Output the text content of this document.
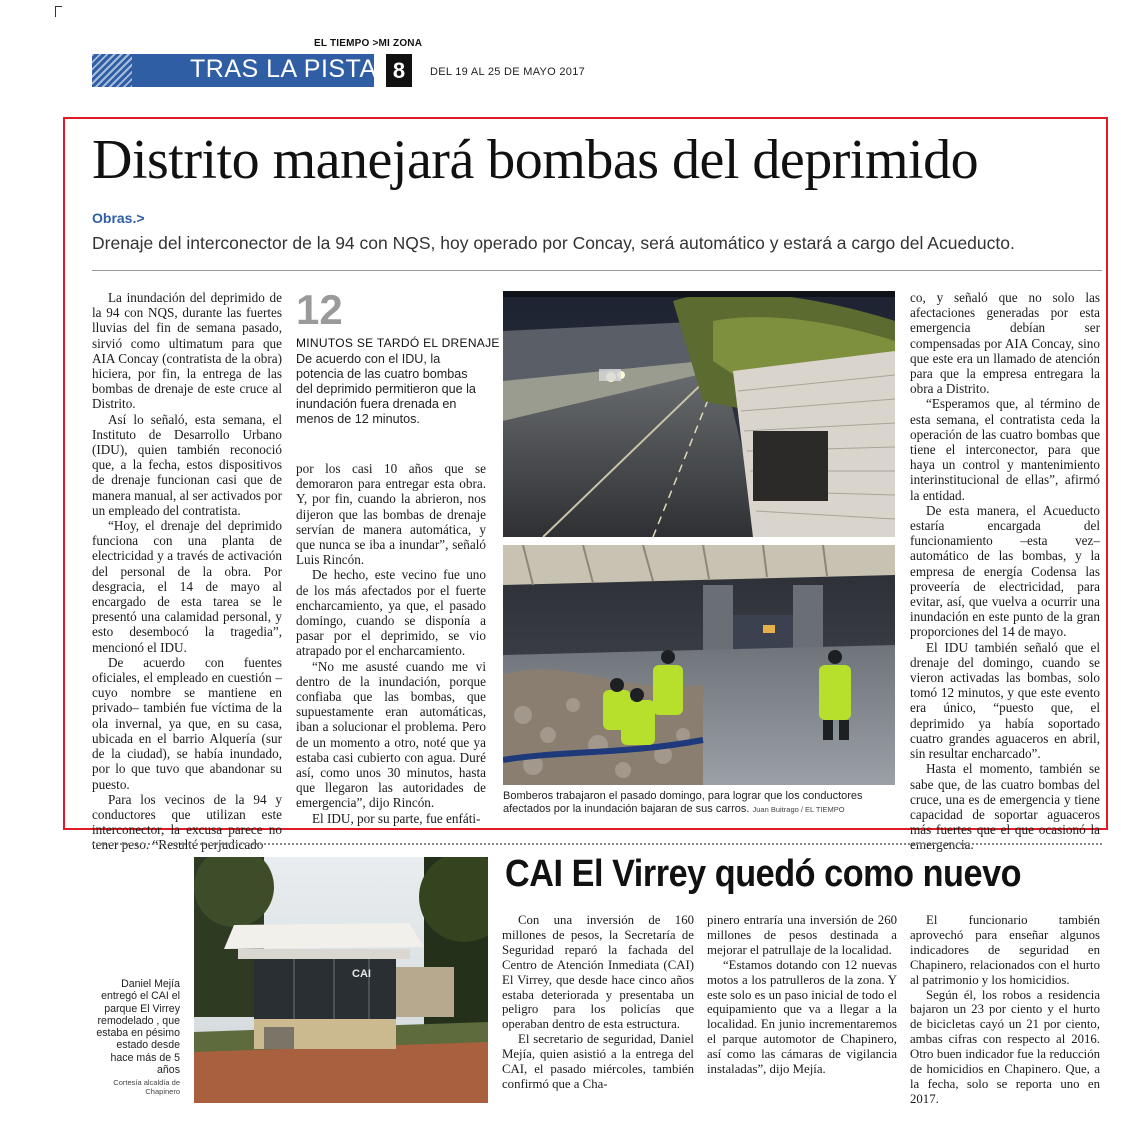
EL TIEMPO >MI ZONA
TRAS LA PISTA 8	DEL 19 AL 25 DE MAYO 2017
Distrito manejará bombas del deprimido
Obras.>
Drenaje del interconector de la 94 con NQS, hoy operado por Concay, será automático y estará a cargo del Acueducto.

La inundación del deprimido de la 94 con NQS, durante las fuertes lluvias del fin de semana pasado, sirvió como ultimatum para que AIA Concay (contratista de la obra) hiciera, por fin, la entrega de las bombas de drenaje de este cruce al Distrito.

Así lo señaló, esta semana, el Instituto de Desarrollo Urbano (IDU), quien también reconoció que, a la fecha, estos dispositivos de drenaje funcionan casi que de manera manual, al ser activados por un empleado del contratista.

“Hoy, el drenaje del deprimido funciona con una planta de electricidad y a través de activación del personal de la obra. Por desgracia, el 14 de mayo al encargado de esta tarea se le presentó una calamidad personal, y esto desembocó la tragedia”, mencionó el IDU.

De acuerdo con fuentes oficiales, el empleado en cuestión –cuyo nombre se mantiene en privado– también fue víctima de la ola invernal, ya que, en su casa, ubicada en el barrio Alquería (sur de la ciudad), se había inundado, por lo que tuvo que abandonar su puesto.

Para los vecinos de la 94 y conductores que utilizan este interconector, la excusa parece no tener peso. “Resulté perjudicado

12
MINUTOS SE TARDÓ EL DRENAJE
De acuerdo con el IDU, la potencia de las cuatro bombas del deprimido permitieron que la inundación fuera drenada en menos de 12 minutos.

por los casi 10 años que se demoraron para entregar esta obra. Y, por fin, cuando la abrieron, nos dijeron que las bombas de drenaje servían de manera automática, y que nunca se iba a inundar”, señaló Luis Rincón.

De hecho, este vecino fue uno de los más afectados por el fuerte encharcamiento, ya que, el pasado domingo, cuando se disponía a pasar por el deprimido, se vio atrapado por el encharcamiento.

“No me asusté cuando me vi dentro de la inundación, porque confiaba que las bombas, que supuestamente eran automáticas, iban a solucionar el problema. Pero de un momento a otro, noté que ya estaba casi cubierto con agua. Duré así, como unos 30 minutos, hasta que llegaron las autoridades de emergencia”, dijo Rincón.

El IDU, por su parte, fue enfáti-

Bomberos trabajaron el pasado domingo, para lograr que los conductores afectados por la inundación bajaran de sus carros. Juan Buitrago / EL TIEMPO

co, y señaló que no solo las afectaciones generadas por esta emergencia debían ser compensadas por AIA Concay, sino que este era un llamado de atención para que la empresa entregara la obra a Distrito.

“Esperamos que, al término de esta semana, el contratista ceda la operación de las cuatro bombas que tiene el interconector, para que haya un control y mantenimiento interinstitucional de ellas”, afirmó la entidad.

De esta manera, el Acueducto estaría encargada del funcionamiento –esta vez– automático de las bombas, y la empresa de energía Codensa las proveería de electricidad, para evitar, así, que vuelva a ocurrir una inundación en este punto de la gran proporciones del 14 de mayo.

El IDU también señaló que el drenaje del domingo, cuando se vieron activadas las bombas, solo tomó 12 minutos, y que este evento era único, “puesto que, el deprimido ya había soportado cuatro grandes aguaceros en abril, sin resultar encharcado”.

Hasta el momento, también se sabe que, de las cuatro bombas del cruce, una es de emergencia y tiene capacidad de soportar aguaceros más fuertes que el que ocasionó la emergencia.

CAI
Daniel Mejía entregó el CAI el parque El Virrey remodelado , que estaba en pésimo estado desde hace más de 5 años
Cortesía alcaldía de Chapinero
CAI El Virrey quedó como nuevo

Con una inversión de 160 millones de pesos, la Secretaría de Seguridad reparó la fachada del Centro de Atención Inmediata (CAI) El Virrey, que desde hace cinco años estaba deteriorada y presentaba un peligro para los policías que operaban dentro de esta estructura.

El secretario de seguridad, Daniel Mejía, quien asistió a la entrega del CAI, el pasado miércoles, también confirmó que a Cha-

pinero entraría una inversión de 260 millones de pesos destinada a mejorar el patrullaje de la localidad.

“Estamos dotando con 12 nuevas motos a los patrulleros de la zona. Y este solo es un paso inicial de todo el equipamiento que va a llegar a la localidad. En junio incrementaremos el parque automotor de Chapinero, así como las cámaras de vigilancia instaladas”, dijo Mejía.

El funcionario también aprovechó para enseñar algunos indicadores de seguridad en Chapinero, relacionados con el hurto al patrimonio y los homicidios.

Según él, los robos a residencia bajaron un 23 por ciento y el hurto de bicicletas cayó un 21 por ciento, ambas cifras con respecto al 2016. Otro buen indicador fue la reducción de homicidios en Chapinero. Que, a la fecha, solo se reporta uno en 2017.
